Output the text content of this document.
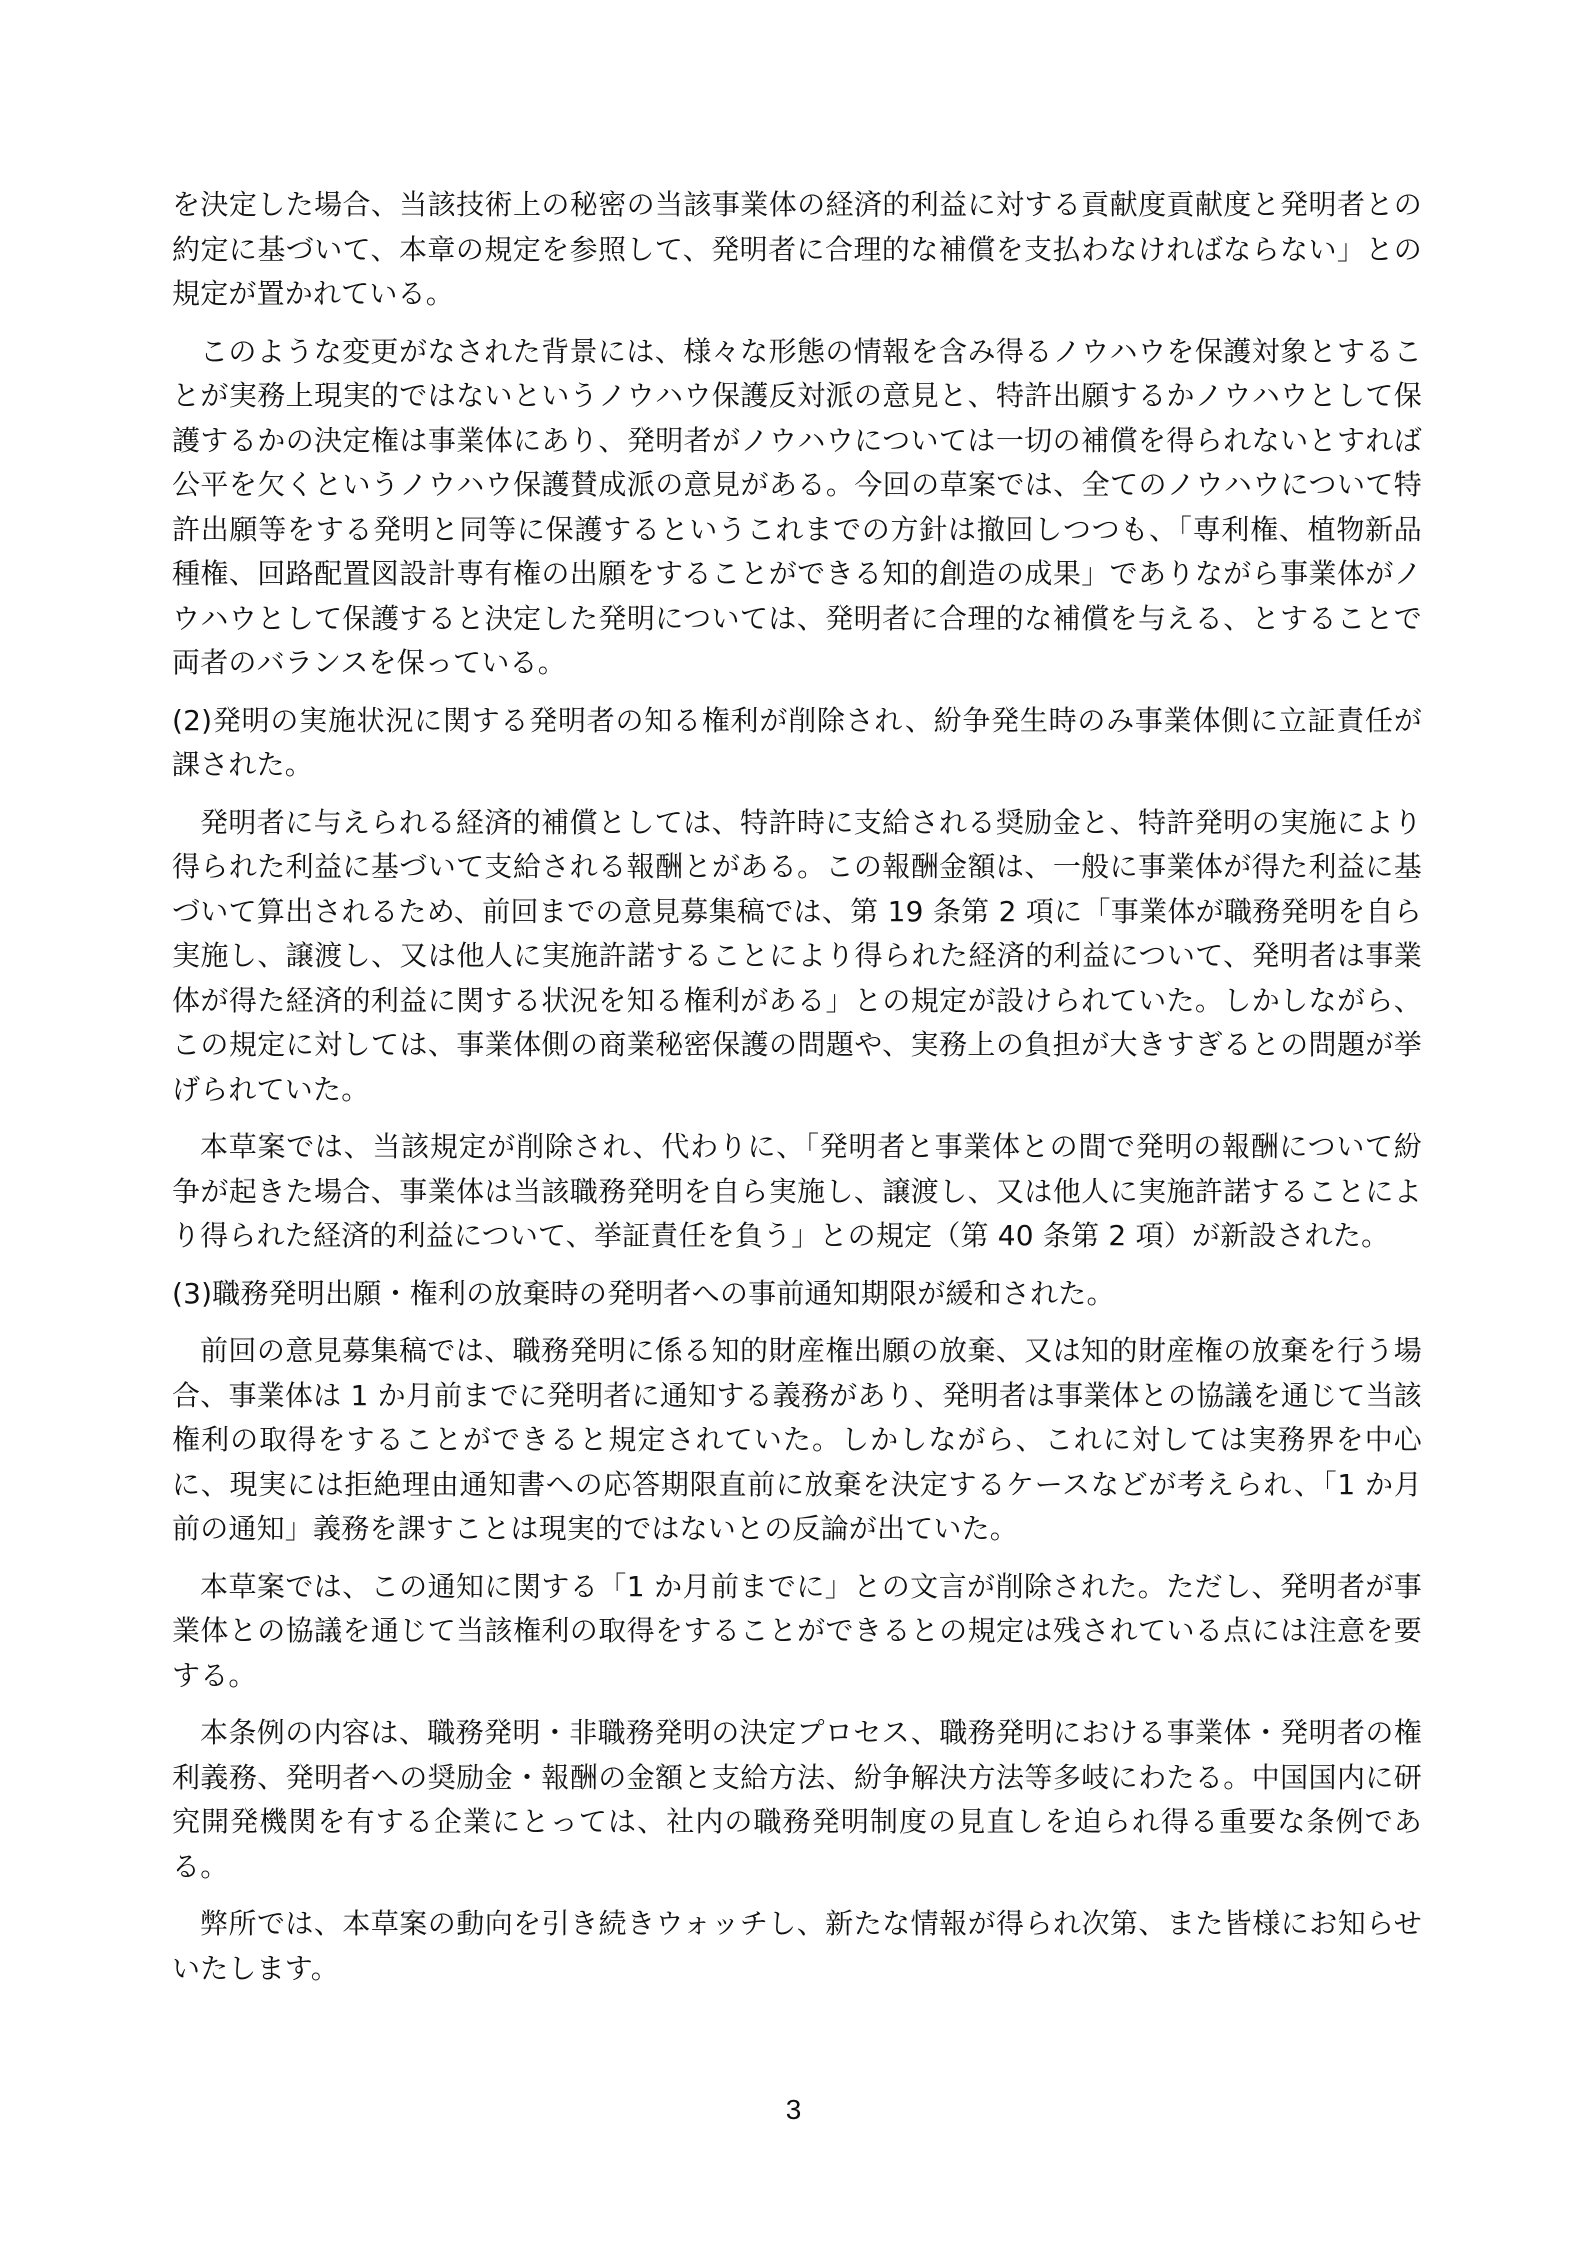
を決定した場合、当該技術上の秘密の当該事業体の経済的利益に対する貢献度貢献度と発明者との約定に基づいて、本章の規定を参照して、発明者に合理的な補償を支払わなければならない」との規定が置かれている。

このような変更がなされた背景には、様々な形態の情報を含み得るノウハウを保護対象とすることが実務上現実的ではないというノウハウ保護反対派の意見と、特許出願するかノウハウとして保護するかの決定権は事業体にあり、発明者がノウハウについては一切の補償を得られないとすれば公平を欠くというノウハウ保護賛成派の意見がある。今回の草案では、全てのノウハウについて特許出願等をする発明と同等に保護するというこれまでの方針は撤回しつつも、「専利権、植物新品種権、回路配置図設計専有権の出願をすることができる知的創造の成果」でありながら事業体がノウハウとして保護すると決定した発明については、発明者に合理的な補償を与える、とすることで両者のバランスを保っている。

(2)発明の実施状況に関する発明者の知る権利が削除され、紛争発生時のみ事業体側に立証責任が課された。

発明者に与えられる経済的補償としては、特許時に支給される奨励金と、特許発明の実施により得られた利益に基づいて支給される報酬とがある。この報酬金額は、一般に事業体が得た利益に基づいて算出されるため、前回までの意見募集稿では、第 19 条第 2 項に「事業体が職務発明を自ら実施し、譲渡し、又は他人に実施許諾することにより得られた経済的利益について、発明者は事業体が得た経済的利益に関する状況を知る権利がある」との規定が設けられていた。しかしながら、この規定に対しては、事業体側の商業秘密保護の問題や、実務上の負担が大きすぎるとの問題が挙げられていた。

本草案では、当該規定が削除され、代わりに、「発明者と事業体との間で発明の報酬について紛争が起きた場合、事業体は当該職務発明を自ら実施し、譲渡し、又は他人に実施許諾することにより得られた経済的利益について、挙証責任を負う」との規定（第 40 条第 2 項）が新設された。

(3)職務発明出願・権利の放棄時の発明者への事前通知期限が緩和された。

前回の意見募集稿では、職務発明に係る知的財産権出願の放棄、又は知的財産権の放棄を行う場合、事業体は 1 か月前までに発明者に通知する義務があり、発明者は事業体との協議を通じて当該権利の取得をすることができると規定されていた。しかしながら、これに対しては実務界を中心に、現実には拒絶理由通知書への応答期限直前に放棄を決定するケースなどが考えられ、「1 か月前の通知」義務を課すことは現実的ではないとの反論が出ていた。

本草案では、この通知に関する「1 か月前までに」との文言が削除された。ただし、発明者が事業体との協議を通じて当該権利の取得をすることができるとの規定は残されている点には注意を要する。

本条例の内容は、職務発明・非職務発明の決定プロセス、職務発明における事業体・発明者の権利義務、発明者への奨励金・報酬の金額と支給方法、紛争解決方法等多岐にわたる。中国国内に研究開発機関を有する企業にとっては、社内の職務発明制度の見直しを迫られ得る重要な条例である。

弊所では、本草案の動向を引き続きウォッチし、新たな情報が得られ次第、また皆様にお知らせいたします。

3
